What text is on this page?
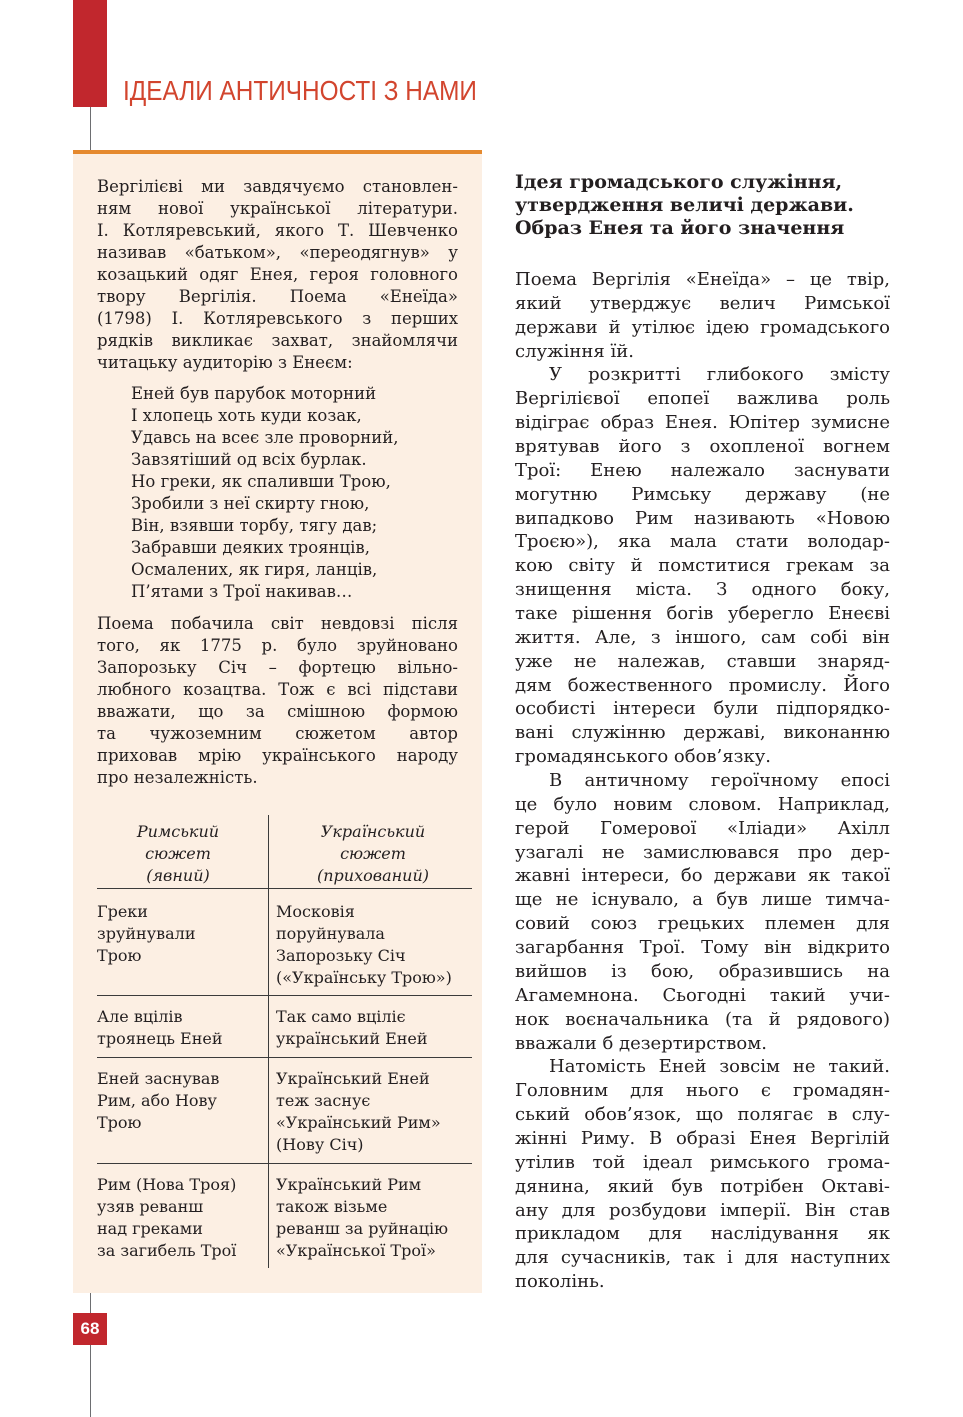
ІДЕАЛИ АНТИЧНОСТІ З НАМИ
Вергілієві ми завдячуємо становлен-
ням нової української літератури.
І. Котляревський, якого Т. Шевченко
називав «батьком», «переодягнув» у
козацький одяг Енея, героя головного
твору Вергілія. Поема «Енеїда»
(1798) І. Котляревського з перших
рядків викликає захват, знайомлячи
читацьку аудиторію з Енеєм:
Еней був парубок моторний
І хлопець хоть куди козак,
Удавсь на всеє зле проворний,
Завзятіший од всіх бурлак.
Но греки, як спаливши Трою,
Зробили з неї скирту гною,
Він, взявши торбу, тягу дав;
Забравши деяких троянців,
Осмалених, як гиря, ланців,
П’ятами з Трої накивав…
Поема побачила світ невдовзі після
того, як 1775 р. було зруйновано
Запорозьку Січ – фортецю вільно-
любного козацтва. Тож є всі підстави
вважати, що за смішною формою
та чужоземним сюжетом автор
приховав мрію українського народу
про незалежність.
Римський
сюжет
(явний)
Український
сюжет
(прихований)
Греки
зруйнували
Трою
Московія
поруйнувала
Запорозьку Січ
(«Українську Трою»)
Але вцілів
троянець Еней
Так само вціліє
український Еней
Еней заснував
Рим, або Нову
Трою
Український Еней
теж заснує
«Український Рим»
(Нову Січ)
Рим (Нова Троя)
узяв реванш
над греками
за загибель Трої
Український Рим
також візьме
реванш за руйнацію
«Української Трої»
Ідея громадського служіння,
утвердження величі держави.
Образ Енея та його значення
Поема Вергілія «Енеїда» – це твір,
який утверджує велич Римської
держави й утілює ідею громадського
служіння їй.
У розкритті глибокого змісту
Вергілієвої епопеї важлива роль
відіграє образ Енея. Юпітер зумисне
врятував його з охопленої вогнем
Трої: Енею належало заснувати
могутню Римську державу (не
випадково Рим називають «Новою
Троєю»), яка мала стати володар-
кою світу й помститися грекам за
знищення міста. З одного боку,
таке рішення богів уберегло Енеєві
життя. Але, з іншого, сам собі він
уже не належав, ставши знаряд-
дям божественного промислу. Його
особисті інтереси були підпорядко-
вані служінню державі, виконанню
громадянського обов’язку.
В античному героїчному епосі
це було новим словом. Наприклад,
герой Гомерової «Іліади» Ахілл
узагалі не замислювався про дер-
жавні інтереси, бо держави як такої
ще не існувало, а був лише тимча-
совий союз грецьких племен для
загарбання Трої. Тому він відкрито
вийшов із бою, образившись на
Агамемнона. Сьогодні такий учи-
нок воєначальника (та й рядового)
вважали б дезертирством.
Натомість Еней зовсім не такий.
Головним для нього є громадян-
ський обов’язок, що полягає в слу-
жінні Риму. В образі Енея Вергілій
утілив той ідеал римського грома-
дянина, який був потрібен Октаві-
ану для розбудови імперії. Він став
прикладом для наслідування як
для сучасників, так і для наступних
поколінь.
68
